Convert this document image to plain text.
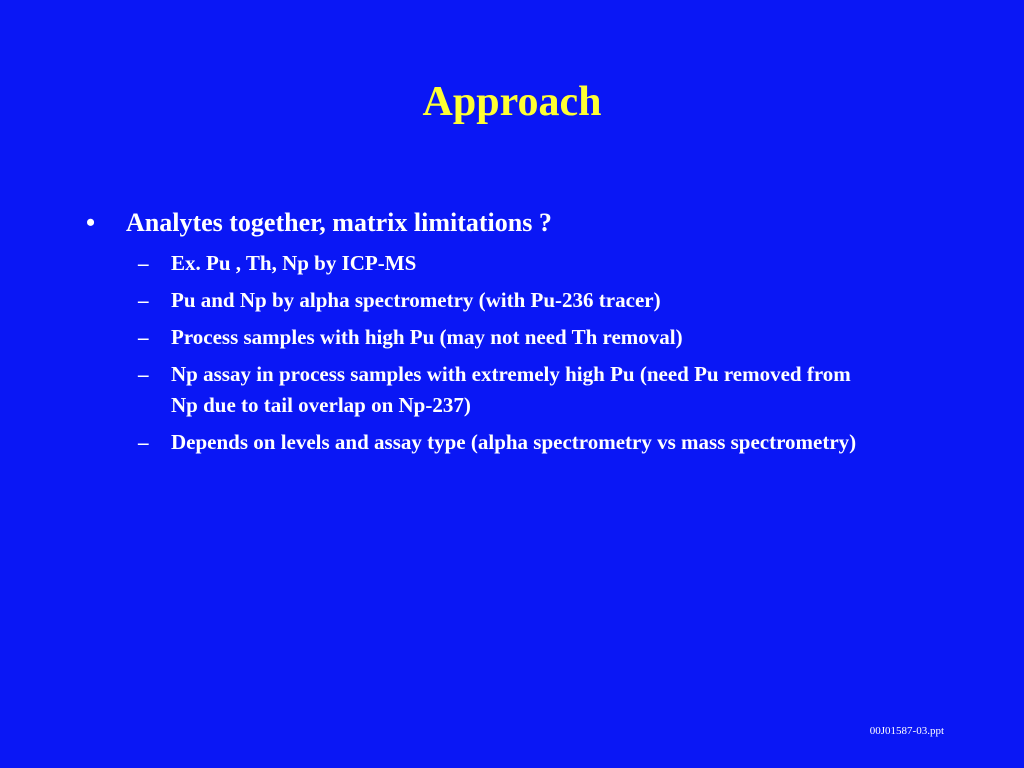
Approach
• Analytes together, matrix limitations ?
– Ex. Pu , Th, Np by ICP-MS
– Pu and Np by alpha spectrometry (with Pu-236 tracer)
– Process samples with high Pu (may not need Th removal)
– Np assay in process samples with extremely high Pu (need Pu removed from Np due to tail overlap on Np-237)
– Depends on levels and assay type (alpha spectrometry vs mass spectrometry)
00J01587-03.ppt
